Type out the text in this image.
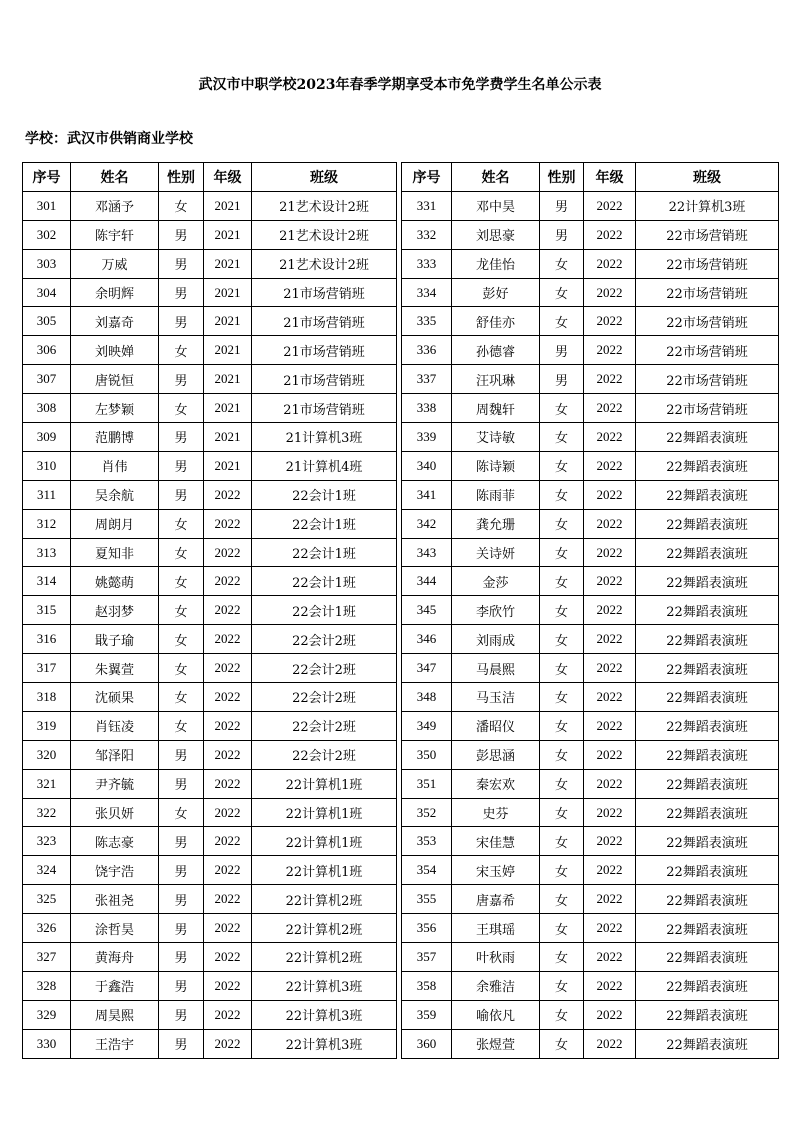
武汉市中职学校2023年春季学期享受本市免学费学生名单公示表
学校：武汉市供销商业学校
序号	姓名	性别	年级	班级
301	邓涵予	女	2021	21艺术设计2班
302	陈宇轩	男	2021	21艺术设计2班
303	万威	男	2021	21艺术设计2班
304	余明辉	男	2021	21市场营销班
305	刘嘉奇	男	2021	21市场营销班
306	刘映婵	女	2021	21市场营销班
307	唐锐恒	男	2021	21市场营销班
308	左梦颖	女	2021	21市场营销班
309	范鹏博	男	2021	21计算机3班
310	肖伟	男	2021	21计算机4班
311	吴余航	男	2022	22会计1班
312	周朗月	女	2022	22会计1班
313	夏知非	女	2022	22会计1班
314	姚懿萌	女	2022	22会计1班
315	赵羽梦	女	2022	22会计1班
316	戢子瑜	女	2022	22会计2班
317	朱翼萱	女	2022	22会计2班
318	沈硕果	女	2022	22会计2班
319	肖钰凌	女	2022	22会计2班
320	邹泽阳	男	2022	22会计2班
321	尹齐毓	男	2022	22计算机1班
322	张贝妍	女	2022	22计算机1班
323	陈志豪	男	2022	22计算机1班
324	饶宇浩	男	2022	22计算机1班
325	张祖尧	男	2022	22计算机2班
326	涂哲昊	男	2022	22计算机2班
327	黄海舟	男	2022	22计算机2班
328	于鑫浩	男	2022	22计算机3班
329	周昊熙	男	2022	22计算机3班
330	王浩宇	男	2022	22计算机3班
序号	姓名	性别	年级	班级
331	邓中昊	男	2022	22计算机3班
332	刘思豪	男	2022	22市场营销班
333	龙佳怡	女	2022	22市场营销班
334	彭好	女	2022	22市场营销班
335	舒佳亦	女	2022	22市场营销班
336	孙德睿	男	2022	22市场营销班
337	汪巩琳	男	2022	22市场营销班
338	周魏轩	女	2022	22市场营销班
339	艾诗敏	女	2022	22舞蹈表演班
340	陈诗颖	女	2022	22舞蹈表演班
341	陈雨菲	女	2022	22舞蹈表演班
342	龚允珊	女	2022	22舞蹈表演班
343	关诗妍	女	2022	22舞蹈表演班
344	金莎	女	2022	22舞蹈表演班
345	李欣竹	女	2022	22舞蹈表演班
346	刘雨成	女	2022	22舞蹈表演班
347	马晨熙	女	2022	22舞蹈表演班
348	马玉洁	女	2022	22舞蹈表演班
349	潘昭仪	女	2022	22舞蹈表演班
350	彭思涵	女	2022	22舞蹈表演班
351	秦宏欢	女	2022	22舞蹈表演班
352	史芬	女	2022	22舞蹈表演班
353	宋佳慧	女	2022	22舞蹈表演班
354	宋玉婷	女	2022	22舞蹈表演班
355	唐嘉希	女	2022	22舞蹈表演班
356	王琪瑶	女	2022	22舞蹈表演班
357	叶秋雨	女	2022	22舞蹈表演班
358	余雅洁	女	2022	22舞蹈表演班
359	喻依凡	女	2022	22舞蹈表演班
360	张煜萱	女	2022	22舞蹈表演班
